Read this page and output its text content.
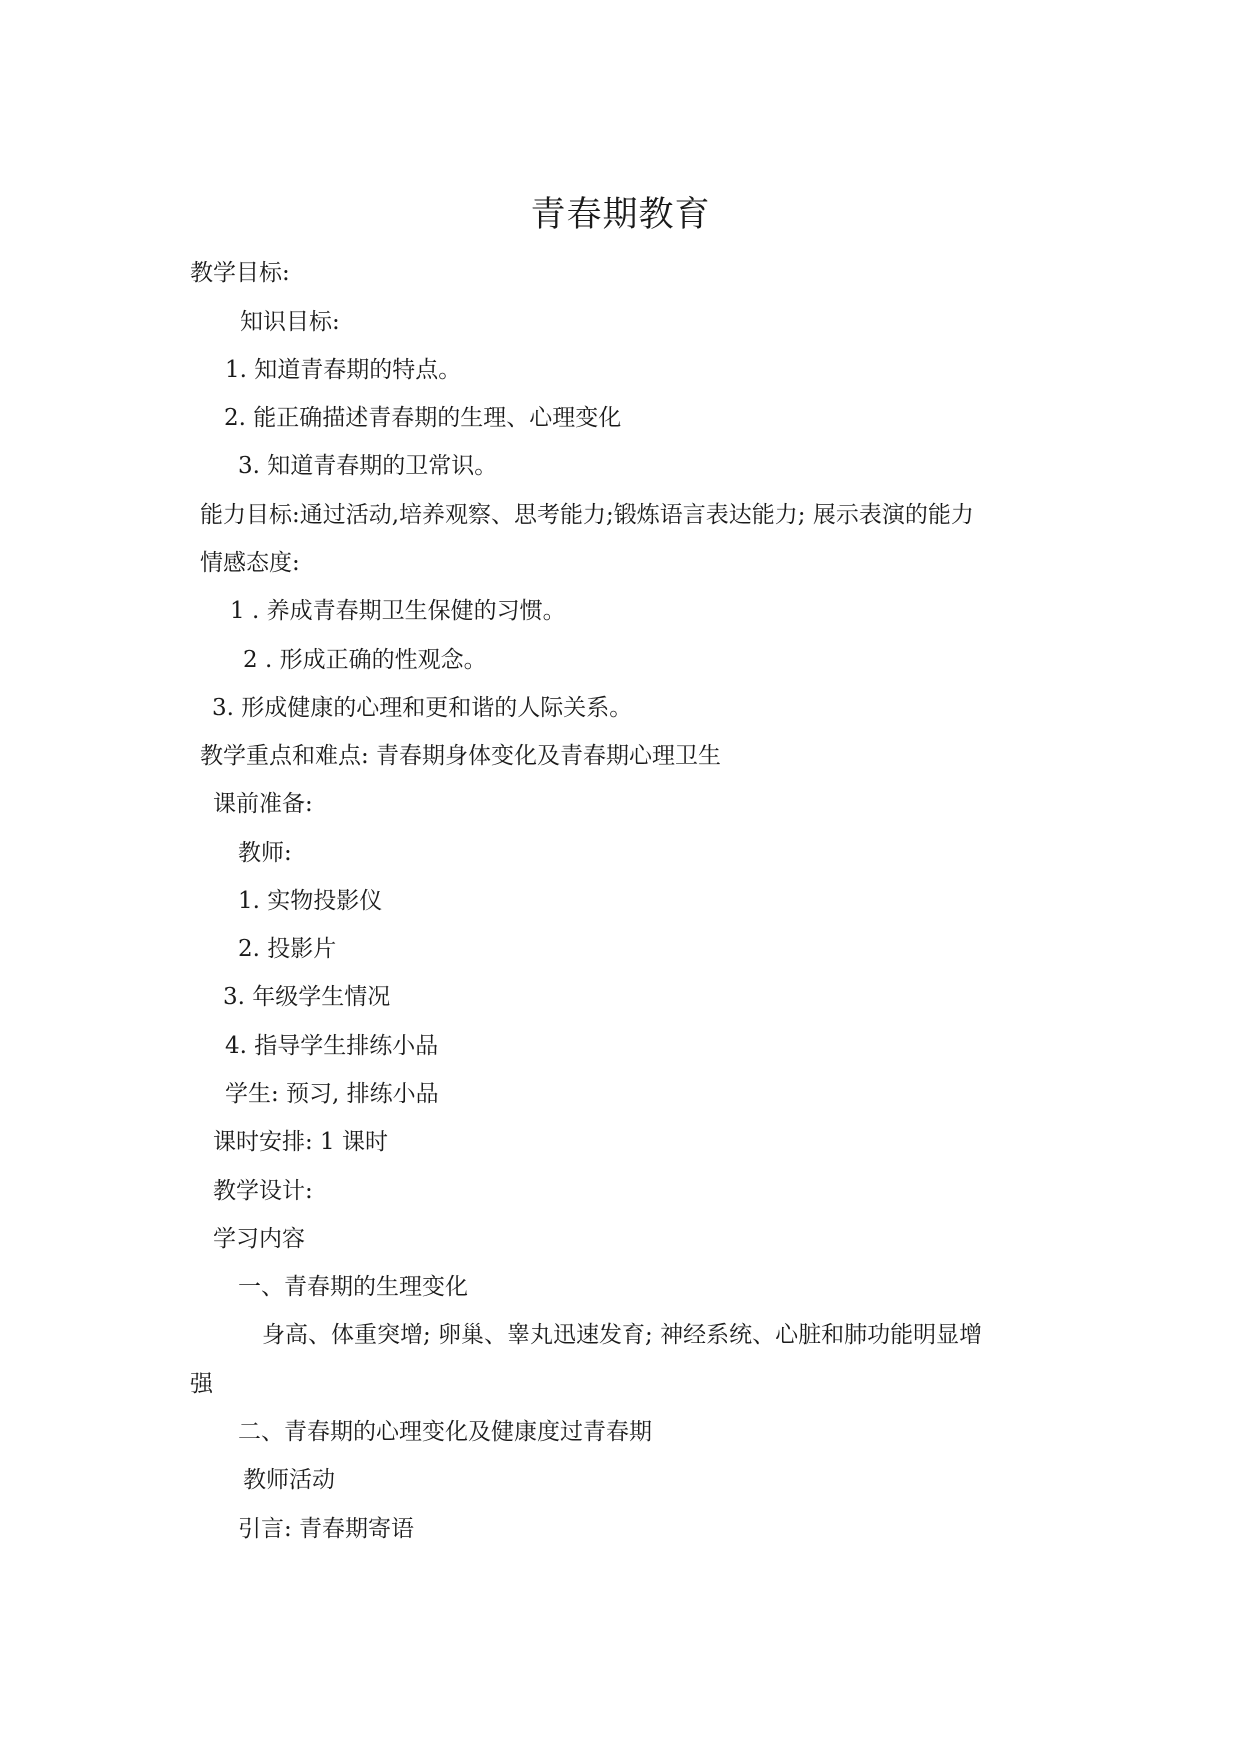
青春期教育
教学目标:
知识目标:
1. 知道青春期的特点。
2. 能正确描述青春期的生理、心理变化
3. 知道青春期的卫常识。
能力目标:通过活动,培养观察、思考能力;锻炼语言表达能力; 展示表演的能力
情感态度:
1 . 养成青春期卫生保健的习惯。
2 . 形成正确的性观念。
3. 形成健康的心理和更和谐的人际关系。
教学重点和难点: 青春期身体变化及青春期心理卫生
课前准备:
教师:
1. 实物投影仪
2. 投影片
3. 年级学生情况
4. 指导学生排练小品
学生: 预习, 排练小品
课时安排: 1 课时
教学设计:
学习内容
一、青春期的生理变化
身高、体重突增; 卵巢、睾丸迅速发育; 神经系统、心脏和肺功能明显增
强
二、青春期的心理变化及健康度过青春期
教师活动
引言: 青春期寄语
